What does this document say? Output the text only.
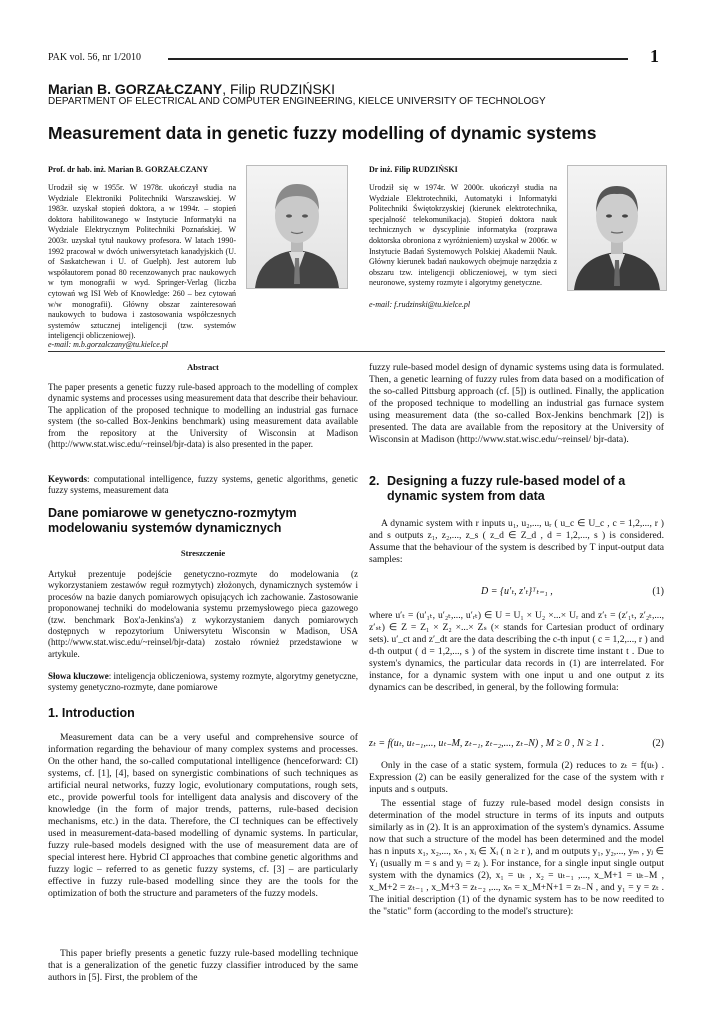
PAK vol. 56, nr 1/2010	1
Marian B. GORZAŁCZANY, Filip RUDZIŃSKI
DEPARTMENT OF ELECTRICAL AND COMPUTER ENGINEERING, KIELCE UNIVERSITY OF TECHNOLOGY
Measurement data in genetic fuzzy modelling of dynamic systems
Prof. dr hab. inż. Marian B. GORZAŁCZANY
Urodził się w 1955r. W 1978r. ukończył studia na Wydziale Elektroniki Politechniki Warszawskiej. W 1983r. uzyskał stopień doktora, a w 1994r. – stopień doktora habilitowanego w Instytucie Informatyki na Wydziale Elektrycznym Politechniki Poznańskiej. W 2003r. uzyskał tytuł naukowy profesora. W latach 1990-1992 pracował w dwóch uniwersytetach kanadyjskich (U. of Saskatchewan i U. of Guelph). Jest autorem lub współautorem ponad 80 recenzowanych prac naukowych w tym monografii w wyd. Springer-Verlag (liczba cytowań wg ISI Web of Knowledge: 260 – bez cytowań w/w monografii). Główny obszar zainteresowań naukowych to budowa i zastosowania współczesnych systemów sztucznej inteligencji (tzw. systemów inteligencji obliczeniowej).
e-mail: m.b.gorzalczany@tu.kielce.pl
Dr inż. Filip RUDZIŃSKI
Urodził się w 1974r. W 2000r. ukończył studia na Wydziale Elektrotechniki, Automatyki i Informatyki Politechniki Świętokrzyskiej (kierunek elektrotechnika, specjalność telekomunikacja). Stopień doktora nauk technicznych w dyscyplinie informatyka (rozprawa doktorska obroniona z wyróżnieniem) uzyskał w 2006r. w Instytucie Badań Systemowych Polskiej Akademii Nauk. Główny kierunek badań naukowych obejmuje narzędzia z obszaru tzw. inteligencji obliczeniowej, w tym sieci neuronowe, systemy rozmyte i algorytmy genetyczne.
e-mail: f.rudzinski@tu.kielce.pl
Abstract

The paper presents a genetic fuzzy rule-based approach to the modelling of complex dynamic systems and processes using measurement data that describe their behaviour. The application of the proposed technique to modelling an industrial gas furnace system (the so-called Box-Jenkins benchmark) using measurement data available from the repository at the University of Wisconsin at Madison (http://www.stat.wisc.edu/~reinsel/bjr-data) is also presented in the paper.

Keywords: computational intelligence, fuzzy systems, genetic algorithms, genetic fuzzy systems, measurement data

Dane pomiarowe w genetyczno-rozmytym modelowaniu systemów dynamicznych
Streszczenie

Artykuł prezentuje podejście genetyczno-rozmyte do modelowania (z wykorzystaniem zestawów reguł rozmytych) złożonych, dynamicznych systemów i procesów na bazie danych pomiarowych opisujących ich zachowanie. Zastosowanie proponowanej techniki do modelowania systemu przemysłowego pieca gazowego (tzw. benchmark Box'a-Jenkins'a) z wykorzystaniem danych pomiarowych dostępnych w repozytorium Uniwersytetu Wisconsin w Madison, USA (http://www.stat.wisc.edu/~reinsel/bjr-data) zostało również przedstawione w artykule.

Słowa kluczowe: inteligencja obliczeniowa, systemy rozmyte, algorytmy genetyczne, systemy genetyczno-rozmyte, dane pomiarowe

1. Introduction

Measurement data can be a very useful and comprehensive source of information regarding the behaviour of many complex systems and processes. On the other hand, the so-called computational intelligence (henceforward: CI) systems, cf. [1], [4], based on synergistic combinations of such techniques as artificial neural networks, fuzzy logic, evolutionary computations, rough sets, etc., provide powerful tools for intelligent data analysis and discovery of the knowledge (in the form of major trends, patterns, rule-based decision mechanisms, etc.) in the data. Therefore, the CI techniques can be effectively used in measurement-data-based modelling of dynamic systems. In particular, fuzzy rule-based models designed with the use of measurement data are of special interest here. Hybrid CI approaches that combine genetic algorithms and fuzzy logic – referred to as genetic fuzzy systems, cf. [3] – are particularly effective in fuzzy rule-based modelling since they are the tools for the optimization of both the structure and parameters of the fuzzy models.

This paper briefly presents a genetic fuzzy rule-based modelling technique that is a generalization of the genetic fuzzy classifier introduced by the same authors in [5]. First, the problem of the

fuzzy rule-based model design of dynamic systems using data is formulated. Then, a genetic learning of fuzzy rules from data based on a modification of the so-called Pittsburg approach (cf. [5]) is outlined. Finally, the application of the proposed technique to modelling an industrial gas furnace system using measurement data (the so-called Box-Jenkins benchmark [2]) is presented. The data are available from the repository at the University of Wisconsin at Madison (http://www.stat.wisc.edu/~reinsel/ bjr-data).

2. Designing a fuzzy rule-based model of a dynamic system from data

A dynamic system with r inputs u₁, u₂,..., uᵣ ( u_c ∈ U_c , c = 1,2,..., r ) and s outputs z₁, z₂,..., z_s ( z_d ∈ Z_d , d = 1,2,..., s ) is considered. Assume that the behaviour of the system is described by T input-output data samples:

D = {u′ₜ, z′ₜ}ᵀₜ₌₁ ,	(1)

where u′ₜ = (u′₁ₜ, u′₂ₜ,..., u′ᵣₜ) ∈ U = U₁ × U₂ ×...× Uᵣ and z′ₜ = (z′₁ₜ, z′₂ₜ,..., z′ₛₜ) ∈ Z = Z₁ × Z₂ ×...× Zₛ (× stands for Cartesian product of ordinary sets). u′_ct and z′_dt are the data describing the c-th input ( c = 1,2,..., r ) and d-th output ( d = 1,2,..., s ) of the system in discrete time instant t . Due to system's dynamics, the particular data records in (1) are interrelated. For instance, for a dynamic system with one input u and one output z its dynamics can be described, in general, by the following formula:

zₜ = f(uₜ, uₜ₋₁,..., uₜ₋M, zₜ₋₁, zₜ₋₂,..., zₜ₋N) , M ≥ 0 , N ≥ 1 .	(2)

Only in the case of a static system, formula (2) reduces to zₜ = f(uₜ) . Expression (2) can be easily generalized for the case of the system with r inputs and s outputs.

The essential stage of fuzzy rule-based model design consists in determination of the model structure in terms of its inputs and outputs similarly as in (2). It is an approximation of the system's dynamics. Assume now that such a structure of the model has been determined and the model has n inputs x₁, x₂,..., xₙ , xᵢ ∈ Xᵢ ( n ≥ r ), and m outputs y₁, y₂,..., yₘ , yⱼ ∈ Yⱼ (usually m = s and yⱼ = zⱼ ). For instance, for a single input single output system with the dynamics (2), x₁ = uₜ , x₂ = uₜ₋₁ ,..., x_M+1 = uₜ₋M , x_M+2 = zₜ₋₁ , x_M+3 = zₜ₋₂ ,..., xₙ = x_M+N+1 = zₜ₋N , and y₁ = y = zₜ . The initial description (1) of the dynamic system has to be now reedited to the "static" form (according to the model's structure):
